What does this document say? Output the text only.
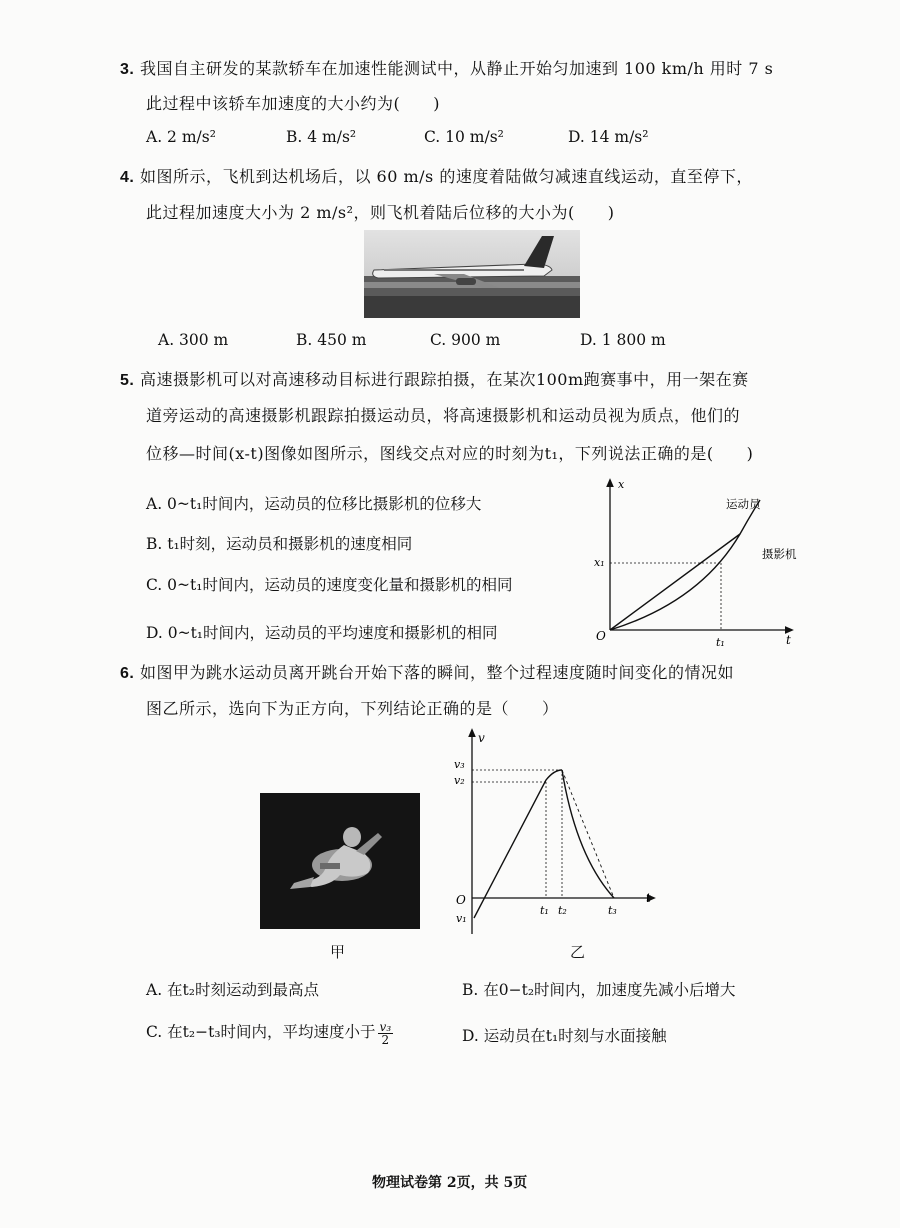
3. 我国自主研发的某款轿车在加速性能测试中，从静止开始匀加速到 100 km/h 用时 7 s
此过程中该轿车加速度的大小约为(　　)
A. 2 m/s²	B. 4 m/s²	C. 10 m/s²	D. 14 m/s²
4. 如图所示，飞机到达机场后，以 60 m/s 的速度着陆做匀减速直线运动，直至停下，
此过程加速度大小为 2 m/s²，则飞机着陆后位移的大小为(　　)
A. 300 m	B. 450 m	C. 900 m	D. 1 800 m
5. 高速摄影机可以对高速移动目标进行跟踪拍摄，在某次100m跑赛事中，用一架在赛
道旁运动的高速摄影机跟踪拍摄运动员，将高速摄影机和运动员视为质点，他们的
位移—时间(x-t)图像如图所示，图线交点对应的时刻为t₁，下列说法正确的是(　　)
A. 0~t₁时间内，运动员的位移比摄影机的位移大
B. t₁时刻，运动员和摄影机的速度相同
C. 0~t₁时间内，运动员的速度变化量和摄影机的相同
D. 0~t₁时间内，运动员的平均速度和摄影机的相同
x
t
O
x₁
t₁
运动员
摄影机
6. 如图甲为跳水运动员离开跳台开始下落的瞬间，整个过程速度随时间变化的情况如
图乙所示，选向下为正方向，下列结论正确的是（　　）
甲
v
t
O
v₃
v₂
v₁
t₁ t₂	t₃
乙
A. 在t₂时刻运动到最高点	B. 在0−t₂时间内，加速度先减小后增大
C. 在t₂−t₃时间内，平均速度小于 $\frac{\text{v₃}}{2}$	D. 运动员在t₁时刻与水面接触
物理试卷第 2页，共 5页
